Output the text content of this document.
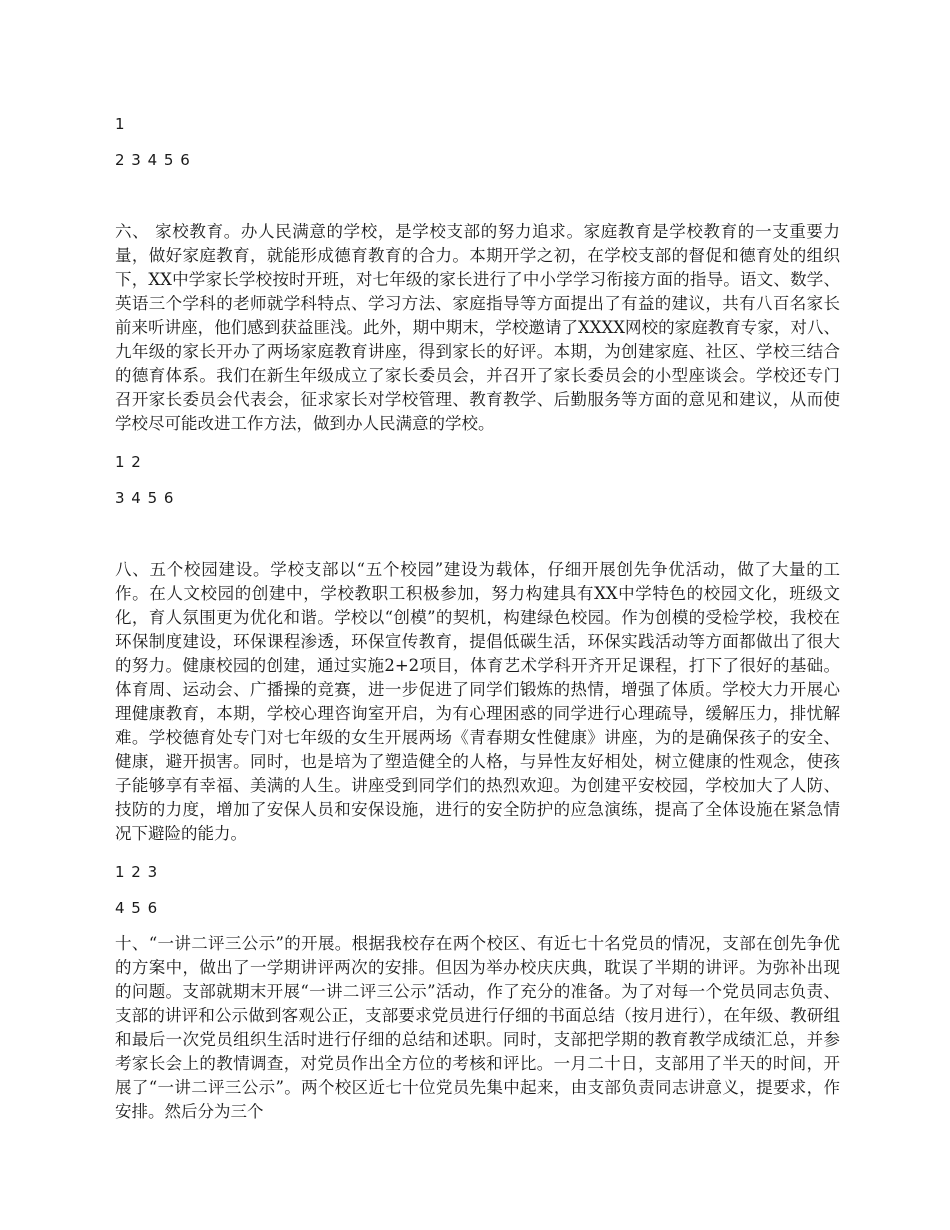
1

2 3 4 5 6

六、 家校教育。办人民满意的学校，是学校支部的努力追求。家庭教育是学校教育的一支重要力量，做好家庭教育，就能形成德育教育的合力。本期开学之初，在学校支部的督促和德育处的组织下，XX中学家长学校按时开班，对七年级的家长进行了中小学学习衔接方面的指导。语文、数学、英语三个学科的老师就学科特点、学习方法、家庭指导等方面提出了有益的建议，共有八百名家长前来听讲座，他们感到获益匪浅。此外，期中期末，学校邀请了XXXX网校的家庭教育专家，对八、九年级的家长开办了两场家庭教育讲座，得到家长的好评。本期，为创建家庭、社区、学校三结合的德育体系。我们在新生年级成立了家长委员会，并召开了家长委员会的小型座谈会。学校还专门召开家长委员会代表会，征求家长对学校管理、教育教学、后勤服务等方面的意见和建议，从而使学校尽可能改进工作方法，做到办人民满意的学校。

1 2

3 4 5 6

八、五个校园建设。学校支部以“五个校园”建设为载体，仔细开展创先争优活动，做了大量的工作。在人文校园的创建中，学校教职工积极参加，努力构建具有XX中学特色的校园文化，班级文化，育人氛围更为优化和谐。学校以“创模”的契机，构建绿色校园。作为创模的受检学校，我校在环保制度建设，环保课程渗透，环保宣传教育，提倡低碳生活，环保实践活动等方面都做出了很大的努力。健康校园的创建，通过实施2+2项目，体育艺术学科开齐开足课程，打下了很好的基础。体育周、运动会、广播操的竞赛，进一步促进了同学们锻炼的热情，增强了体质。学校大力开展心理健康教育，本期，学校心理咨询室开启，为有心理困惑的同学进行心理疏导，缓解压力，排忧解难。学校德育处专门对七年级的女生开展两场《青春期女性健康》讲座，为的是确保孩子的安全、健康，避开损害。同时，也是培为了塑造健全的人格，与异性友好相处，树立健康的性观念，使孩子能够享有幸福、美满的人生。讲座受到同学们的热烈欢迎。为创建平安校园，学校加大了人防、技防的力度，增加了安保人员和安保设施，进行的安全防护的应急演练，提高了全体设施在紧急情况下避险的能力。

1 2 3

4 5 6

十、“一讲二评三公示”的开展。根据我校存在两个校区、有近七十名党员的情况，支部在创先争优的方案中，做出了一学期讲评两次的安排。但因为举办校庆庆典，耽误了半期的讲评。为弥补出现的问题。支部就期末开展“一讲二评三公示”活动，作了充分的准备。为了对每一个党员同志负责、支部的讲评和公示做到客观公正，支部要求党员进行仔细的书面总结（按月进行），在年级、教研组和最后一次党员组织生活时进行仔细的总结和述职。同时，支部把学期的教育教学成绩汇总，并参考家长会上的教情调查，对党员作出全方位的考核和评比。一月二十日，支部用了半天的时间，开展了“一讲二评三公示”。两个校区近七十位党员先集中起来，由支部负责同志讲意义，提要求，作安排。然后分为三个
